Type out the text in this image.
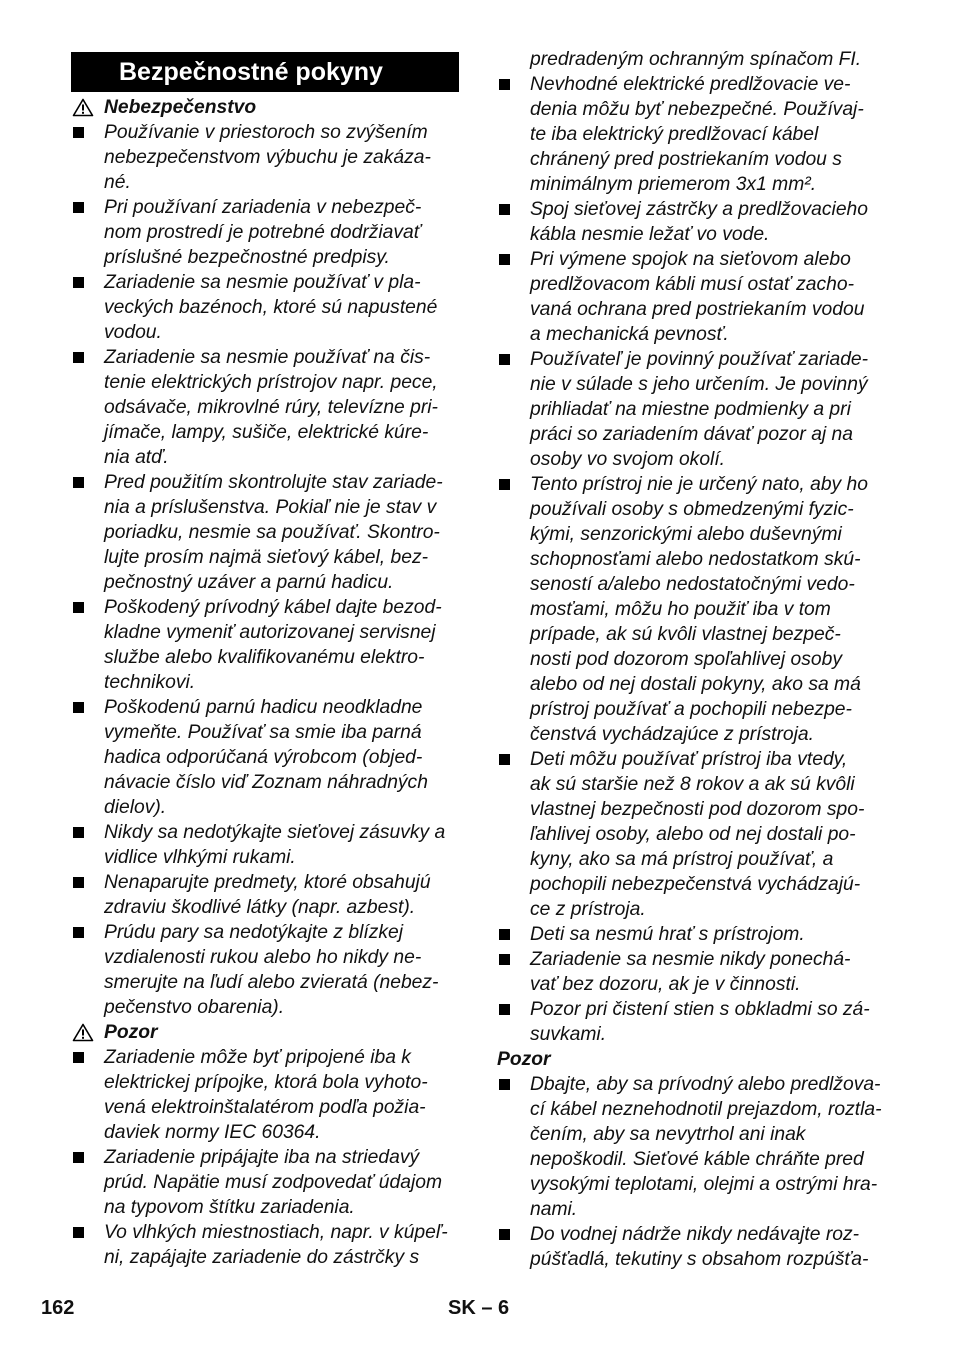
Bezpečnostné pokyny
Nebezpečenstvo
Používanie v priestoroch so zvýšením
nebezpečenstvom výbuchu je zakáza-
né.
Pri používaní zariadenia v nebezpeč-
nom prostredí je potrebné dodržiavať
príslušné bezpečnostné predpisy.
Zariadenie sa nesmie používať v pla-
veckých bazénoch, ktoré sú napustené
vodou.
Zariadenie sa nesmie používať na čis-
tenie elektrických prístrojov napr. pece,
odsávače, mikrovlné rúry, televízne pri-
jímače, lampy, sušiče, elektrické kúre-
nia atď.
Pred použitím skontrolujte stav zariade-
nia a príslušenstva. Pokiaľ nie je stav v
poriadku, nesmie sa používať. Skontro-
lujte prosím najmä sieťový kábel, bez-
pečnostný uzáver a parnú hadicu.
Poškodený prívodný kábel dajte bezod-
kladne vymeniť autorizovanej servisnej
službe alebo kvalifikovanému elektro-
technikovi.
Poškodenú parnú hadicu neodkladne
vymeňte. Používať sa smie iba parná
hadica odporúčaná výrobcom (objed-
návacie číslo viď Zoznam náhradných
dielov).
Nikdy sa nedotýkajte sieťovej zásuvky a
vidlice vlhkými rukami.
Nenaparujte predmety, ktoré obsahujú
zdraviu škodlivé látky (napr. azbest).
Prúdu pary sa nedotýkajte z blízkej
vzdialenosti rukou alebo ho nikdy ne-
smerujte na ľudí alebo zvieratá (nebez-
pečenstvo obarenia).
Pozor
Zariadenie môže byť pripojené iba k
elektrickej prípojke, ktorá bola vyhoto-
vená elektroinštalatérom podľa požia-
daviek normy IEC 60364.
Zariadenie pripájajte iba na striedavý
prúd. Napätie musí zodpovedať údajom
na typovom štítku zariadenia.
Vo vlhkých miestnostiach, napr. v kúpeľ-
ni, zapájajte zariadenie do zástrčky s
predradeným ochranným spínačom FI.
Nevhodné elektrické predlžovacie ve-
denia môžu byť nebezpečné. Používaj-
te iba elektrický predlžovací kábel
chránený pred postriekaním vodou s
minimálnym priemerom 3x1 mm².
Spoj sieťovej zástrčky a predlžovacieho
kábla nesmie ležať vo vode.
Pri výmene spojok na sieťovom alebo
predlžovacom kábli musí ostať zacho-
vaná ochrana pred postriekaním vodou
a mechanická pevnosť.
Používateľ je povinný používať zariade-
nie v súlade s jeho určením. Je povinný
prihliadať na miestne podmienky a pri
práci so zariadením dávať pozor aj na
osoby vo svojom okolí.
Tento prístroj nie je určený nato, aby ho
používali osoby s obmedzenými fyzic-
kými, senzorickými alebo duševnými
schopnosťami alebo nedostatkom skú-
seností a/alebo nedostatočnými vedo-
mosťami, môžu ho použiť iba v tom
prípade, ak sú kvôli vlastnej bezpeč-
nosti pod dozorom spoľahlivej osoby
alebo od nej dostali pokyny, ako sa má
prístroj používať a pochopili nebezpe-
čenstvá vychádzajúce z prístroja.
Deti môžu používať prístroj iba vtedy,
ak sú staršie než 8 rokov a ak sú kvôli
vlastnej bezpečnosti pod dozorom spo-
ľahlivej osoby, alebo od nej dostali po-
kyny, ako sa má prístroj používať, a
pochopili nebezpečenstvá vychádzajú-
ce z prístroja.
Deti sa nesmú hrať s prístrojom.
Zariadenie sa nesmie nikdy ponechá-
vať bez dozoru, ak je v činnosti.
Pozor pri čistení stien s obkladmi so zá-
suvkami.
Pozor
Dbajte, aby sa prívodný alebo predlžova-
cí kábel neznehodnotil prejazdom, roztla-
čením, aby sa nevytrhol ani inak
nepoškodil. Sieťové káble chráňte pred
vysokými teplotami, olejmi a ostrými hra-
nami.
Do vodnej nádrže nikdy nedávajte roz-
púšťadlá, tekutiny s obsahom rozpúšťa-
162	SK – 6
